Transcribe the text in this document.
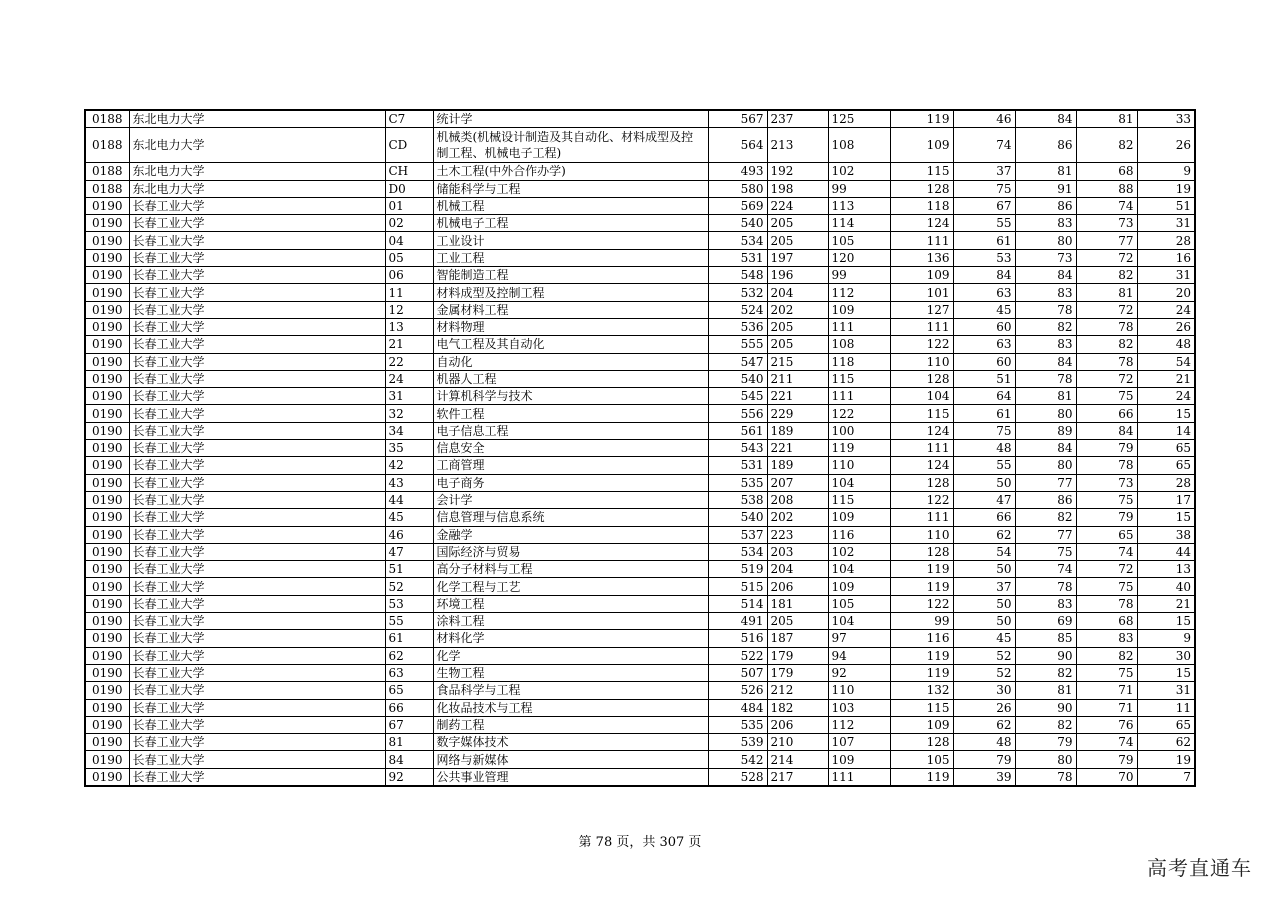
0188	东北电力大学	C7	统计学	567	237	125	119	46	84	81	33
0188	东北电力大学	CD	机械类(机械设计制造及其自动化、材料成型及控制工程、机械电子工程)	564	213	108	109	74	86	82	26
0188	东北电力大学	CH	土木工程(中外合作办学)	493	192	102	115	37	81	68	9
0188	东北电力大学	D0	储能科学与工程	580	198	99	128	75	91	88	19
0190	长春工业大学	01	机械工程	569	224	113	118	67	86	74	51
0190	长春工业大学	02	机械电子工程	540	205	114	124	55	83	73	31
0190	长春工业大学	04	工业设计	534	205	105	111	61	80	77	28
0190	长春工业大学	05	工业工程	531	197	120	136	53	73	72	16
0190	长春工业大学	06	智能制造工程	548	196	99	109	84	84	82	31
0190	长春工业大学	11	材料成型及控制工程	532	204	112	101	63	83	81	20
0190	长春工业大学	12	金属材料工程	524	202	109	127	45	78	72	24
0190	长春工业大学	13	材料物理	536	205	111	111	60	82	78	26
0190	长春工业大学	21	电气工程及其自动化	555	205	108	122	63	83	82	48
0190	长春工业大学	22	自动化	547	215	118	110	60	84	78	54
0190	长春工业大学	24	机器人工程	540	211	115	128	51	78	72	21
0190	长春工业大学	31	计算机科学与技术	545	221	111	104	64	81	75	24
0190	长春工业大学	32	软件工程	556	229	122	115	61	80	66	15
0190	长春工业大学	34	电子信息工程	561	189	100	124	75	89	84	14
0190	长春工业大学	35	信息安全	543	221	119	111	48	84	79	65
0190	长春工业大学	42	工商管理	531	189	110	124	55	80	78	65
0190	长春工业大学	43	电子商务	535	207	104	128	50	77	73	28
0190	长春工业大学	44	会计学	538	208	115	122	47	86	75	17
0190	长春工业大学	45	信息管理与信息系统	540	202	109	111	66	82	79	15
0190	长春工业大学	46	金融学	537	223	116	110	62	77	65	38
0190	长春工业大学	47	国际经济与贸易	534	203	102	128	54	75	74	44
0190	长春工业大学	51	高分子材料与工程	519	204	104	119	50	74	72	13
0190	长春工业大学	52	化学工程与工艺	515	206	109	119	37	78	75	40
0190	长春工业大学	53	环境工程	514	181	105	122	50	83	78	21
0190	长春工业大学	55	涂料工程	491	205	104	99	50	69	68	15
0190	长春工业大学	61	材料化学	516	187	97	116	45	85	83	9
0190	长春工业大学	62	化学	522	179	94	119	52	90	82	30
0190	长春工业大学	63	生物工程	507	179	92	119	52	82	75	15
0190	长春工业大学	65	食品科学与工程	526	212	110	132	30	81	71	31
0190	长春工业大学	66	化妆品技术与工程	484	182	103	115	26	90	71	11
0190	长春工业大学	67	制药工程	535	206	112	109	62	82	76	65
0190	长春工业大学	81	数字媒体技术	539	210	107	128	48	79	74	62
0190	长春工业大学	84	网络与新媒体	542	214	109	105	79	80	79	19
0190	长春工业大学	92	公共事业管理	528	217	111	119	39	78	70	7
第 78 页，共 307 页
高考直通车
